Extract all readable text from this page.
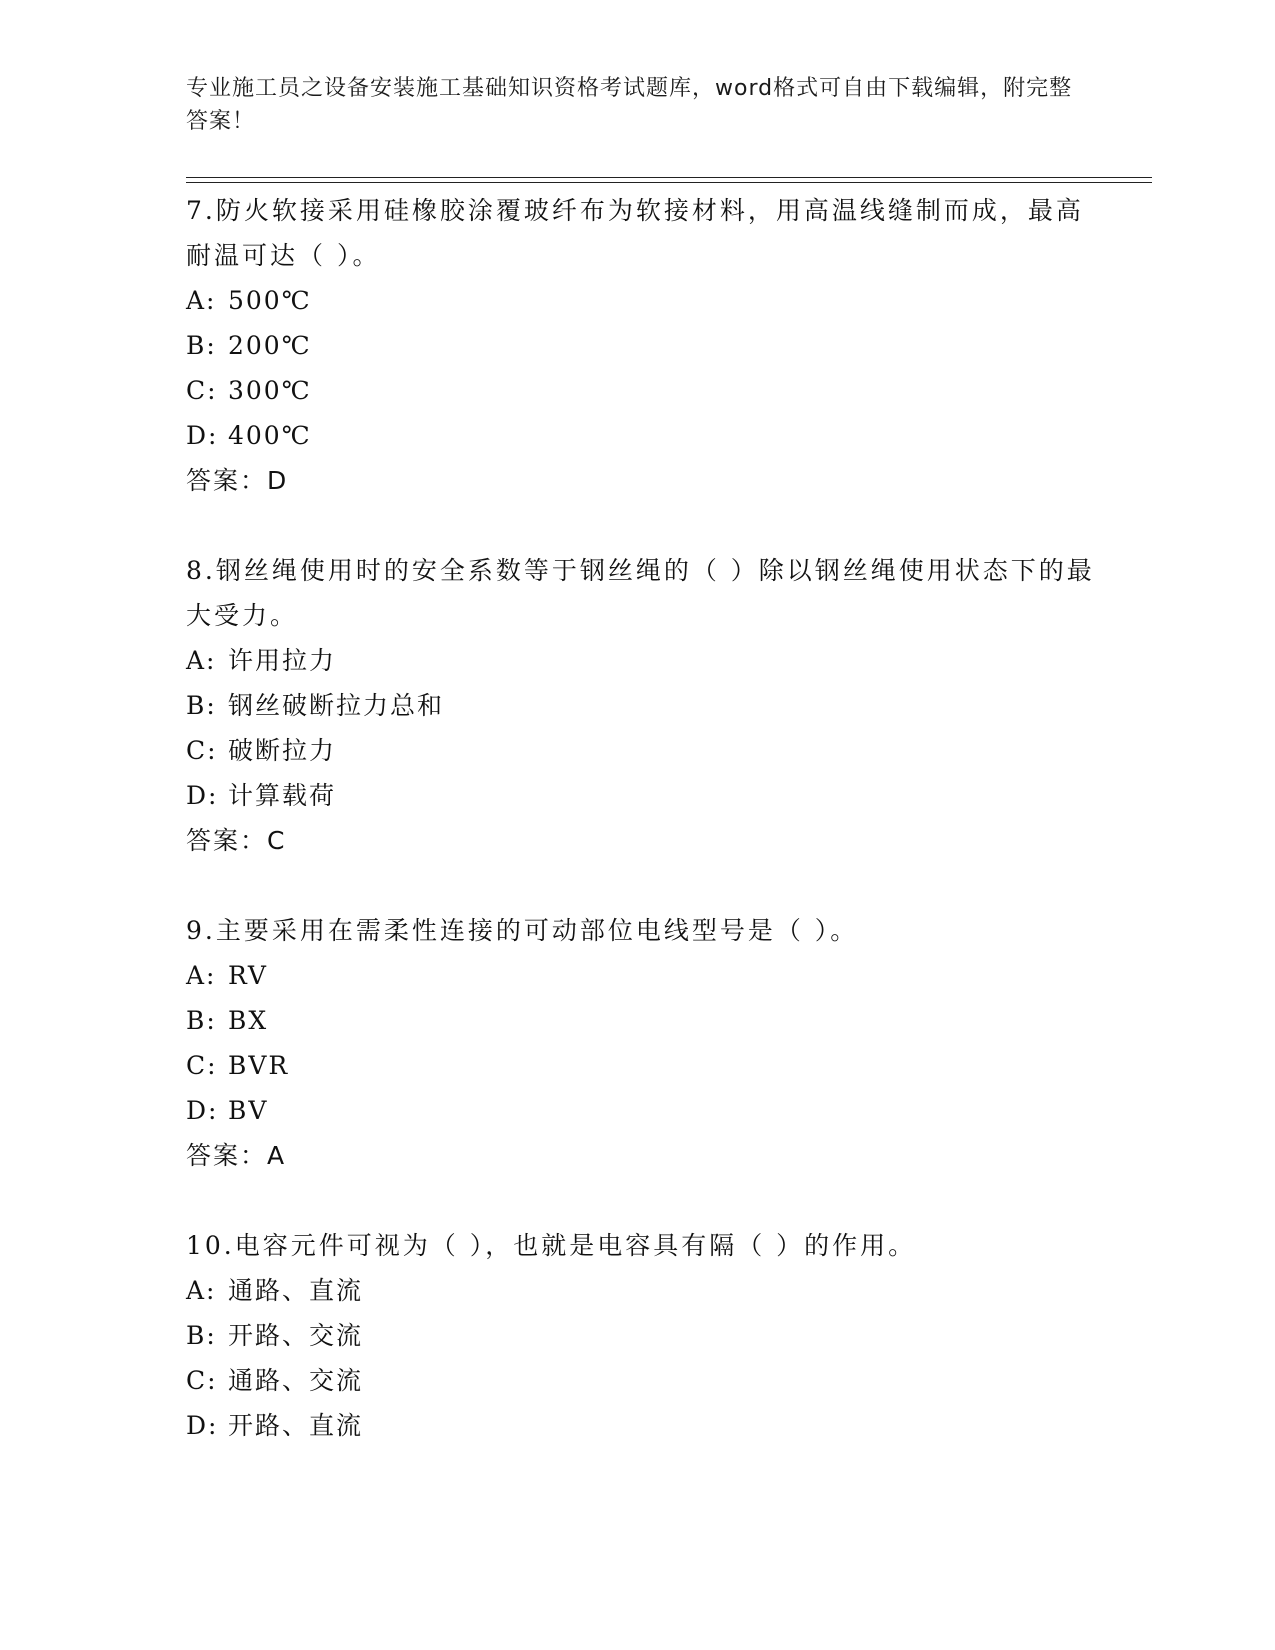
专业施工员之设备安装施工基础知识资格考试题库，word格式可自由下载编辑，附完整答案！

7.防火软接采用硅橡胶涂覆玻纤布为软接材料，用高温线缝制而成，最高耐温可达（ ）。

A: 500℃

B: 200℃

C: 300℃

D: 400℃

答案：D

8.钢丝绳使用时的安全系数等于钢丝绳的（ ）除以钢丝绳使用状态下的最大受力。

A: 许用拉力

B: 钢丝破断拉力总和

C: 破断拉力

D: 计算载荷

答案：C

9.主要采用在需柔性连接的可动部位电线型号是（ ）。

A: RV

B: BX

C: BVR

D: BV

答案：A

10.电容元件可视为（ ），也就是电容具有隔（ ）的作用。

A: 通路、直流

B: 开路、交流

C: 通路、交流

D: 开路、直流
